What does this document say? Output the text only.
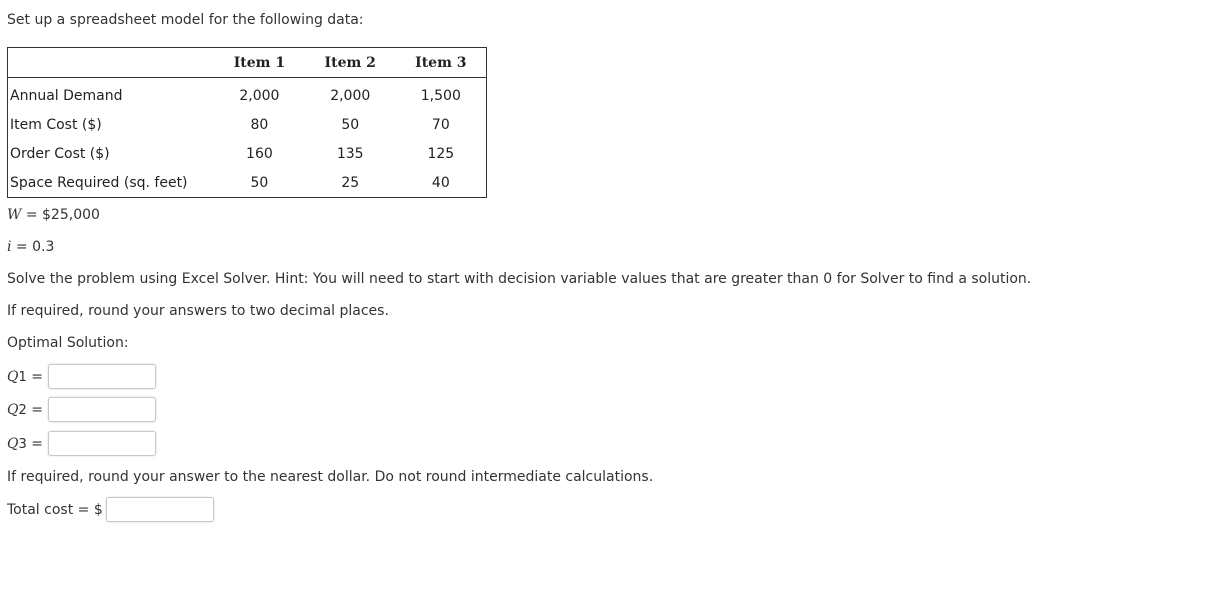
Set up a spreadsheet model for the following data:
	Item 1	Item 2	Item 3
Annual Demand	2,000	2,000	1,500
Item Cost ($)	80	50	70
Order Cost ($)	160	135	125
Space Required (sq. feet)	50	25	40
W = $25,000
i = 0.3
Solve the problem using Excel Solver. Hint: You will need to start with decision variable values that are greater than 0 for Solver to find a solution.
If required, round your answers to two decimal places.
Optimal Solution:
Q1 =
Q2 =
Q3 =
If required, round your answer to the nearest dollar. Do not round intermediate calculations.
Total cost = $
